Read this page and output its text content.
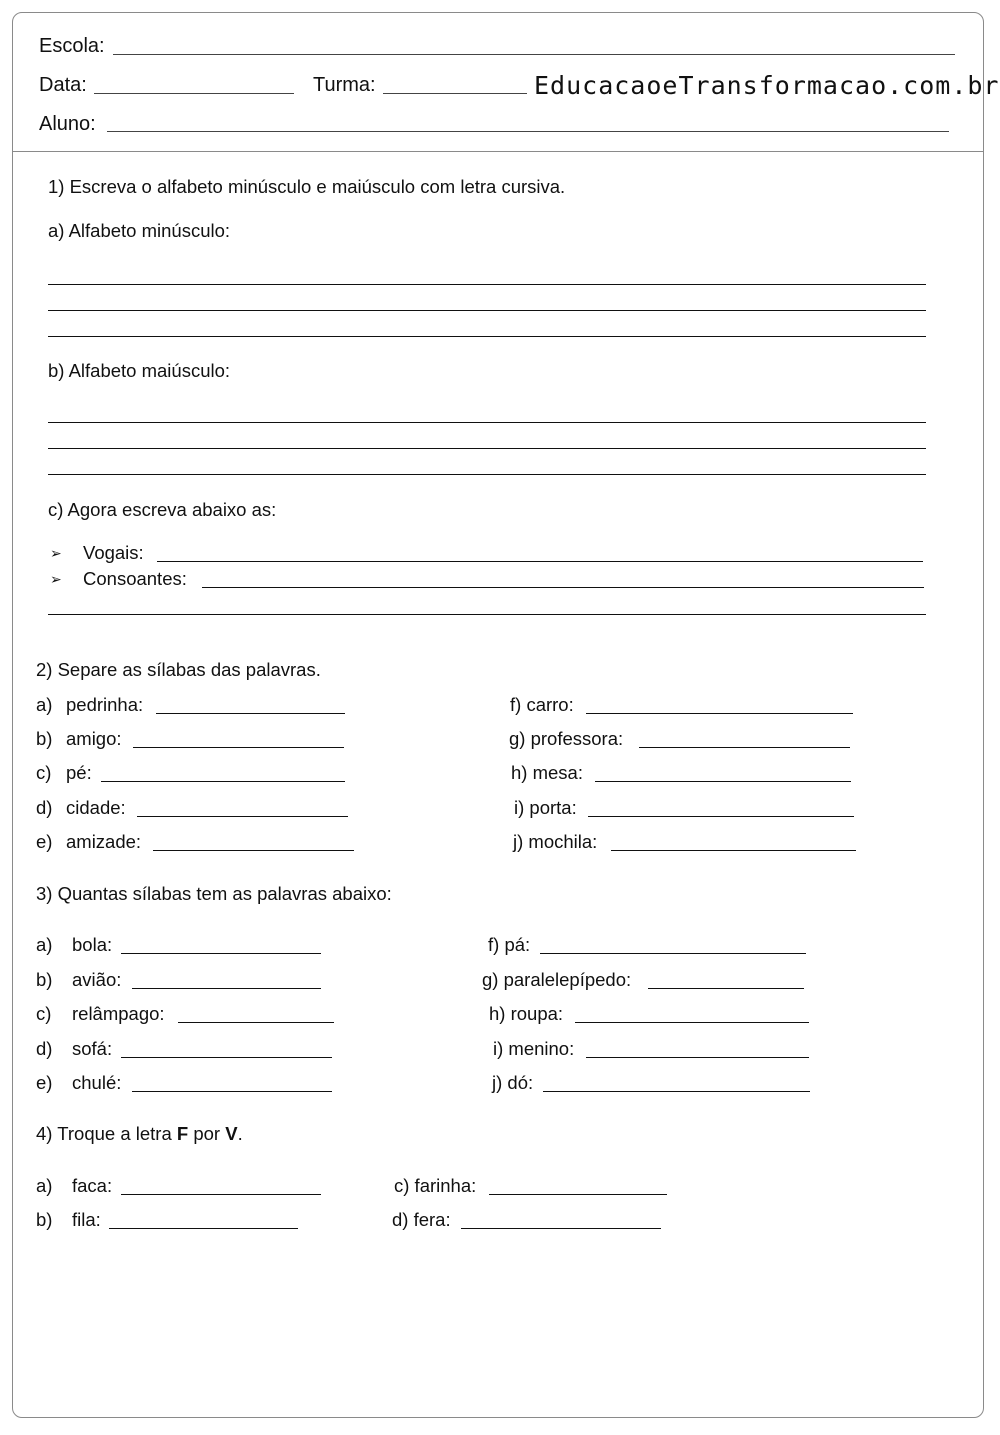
Escola:
Data:	Turma:	EducacaoeTransformacao.com.br
Aluno:
1) Escreva o alfabeto minúsculo e maiúsculo com letra cursiva.
a) Alfabeto minúsculo:
b) Alfabeto maiúsculo:
c) Agora escreva abaixo as:
➢ Vogais:
➢ Consoantes:
2) Separe as sílabas das palavras.
a) pedrinha:
b) amigo:
c) pé:
d) cidade:
e) amizade:
f) carro:
g) professora:
h) mesa:
i) porta:
j) mochila:
3) Quantas sílabas tem as palavras abaixo:
a) bola:
b) avião:
c) relâmpago:
d) sofá:
e) chulé:
f) pá:
g) paralelepípedo:
h) roupa:
i) menino:
j) dó:
4) Troque a letra F por V.
a) faca:
b) fila:
c) farinha:
d) fera:
